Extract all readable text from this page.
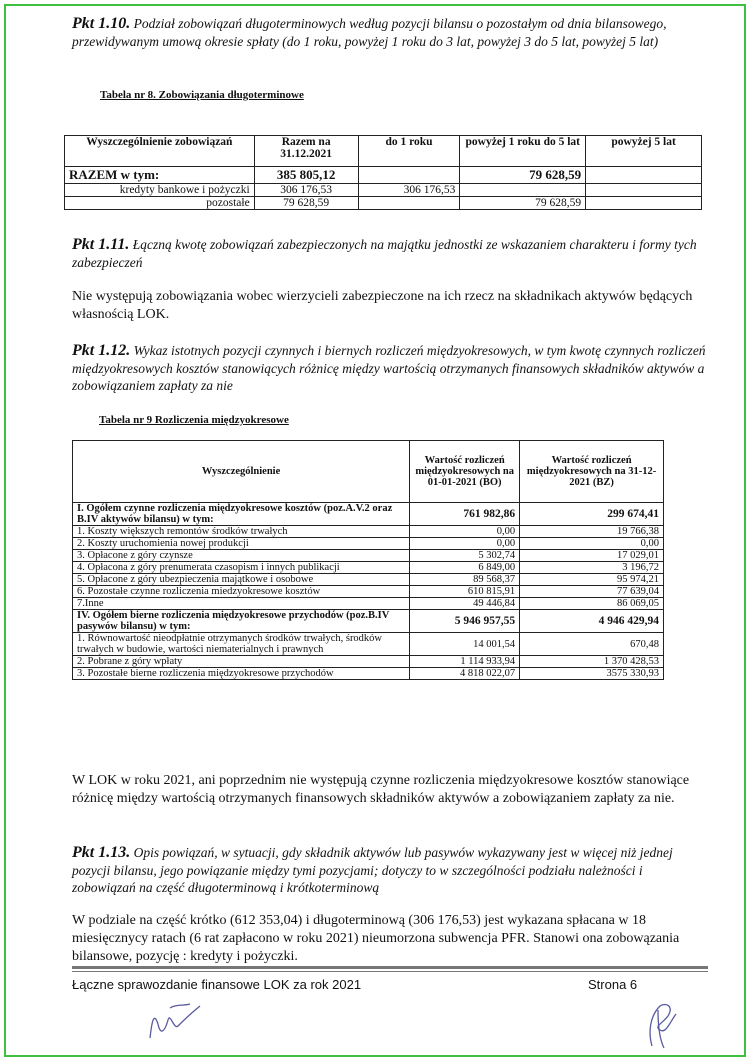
Pkt 1.10. Podział zobowiązań długoterminowych według pozycji bilansu o pozostałym od dnia bilansowego, przewidywanym umową okresie spłaty (do 1 roku, powyżej 1 roku do 3 lat, powyżej 3 do 5 lat, powyżej 5 lat)
Tabela nr 8. Zobowiązania długoterminowe
Wyszczególnienie zobowiązań	Razem na 31.12.2021	do 1 roku	powyżej 1 roku do 5 lat	powyżej 5 lat
RAZEM w tym:	385 805,12		79 628,59	
kredyty bankowe i pożyczki	306 176,53	306 176,53		
pozostałe	79 628,59		79 628,59	
Pkt 1.11. Łączną kwotę zobowiązań zabezpieczonych na majątku jednostki ze wskazaniem charakteru i formy tych zabezpieczeń
Nie występują zobowiązania wobec wierzycieli zabezpieczone na ich rzecz na składnikach aktywów będących własnością LOK.
Pkt 1.12. Wykaz istotnych pozycji czynnych i biernych rozliczeń międzyokresowych, w tym kwotę czynnych rozliczeń międzyokresowych kosztów stanowiących różnicę między wartością otrzymanych finansowych składników aktywów a zobowiązaniem zapłaty za nie
Tabela nr 9 Rozliczenia międzyokresowe
Wyszczególnienie	Wartość rozliczeń międzyokresowych na 01-01-2021 (BO)	Wartość rozliczeń międzyokresowych na 31-12-2021 (BZ)
I. Ogółem czynne rozliczenia międzyokresowe kosztów (poz.A.V.2 oraz B.IV aktywów bilansu) w tym:	761 982,86	299 674,41
1. Koszty większych remontów środków trwałych	0,00	19 766,38
2. Koszty uruchomienia nowej produkcji	0,00	0,00
3. Opłacone z góry czynsze	5 302,74	17 029,01
4. Opłacona z góry prenumerata czasopism i innych publikacji	6 849,00	3 196,72
5. Opłacone z góry ubezpieczenia majątkowe i osobowe	89 568,37	95 974,21
6. Pozostałe czynne rozliczenia miedzyokresowe kosztów	610 815,91	77 639,04
7.Inne	49 446,84	86 069,05
IV. Ogółem bierne rozliczenia międzyokresowe przychodów (poz.B.IV pasywów bilansu) w tym:	5 946 957,55	4 946 429,94
1. Równowartość nieodpłatnie otrzymanych środków trwałych, środków trwałych w budowie, wartości niematerialnych i prawnych	14 001,54	670,48
2. Pobrane z góry wpłaty	1 114 933,94	1 370 428,53
3. Pozostałe bierne rozliczenia międzyokresowe przychodów	4 818 022,07	3575 330,93
W LOK w roku 2021, ani poprzednim nie występują czynne rozliczenia międzyokresowe kosztów stanowiące różnicę między wartością otrzymanych finansowych składników aktywów a zobowiązaniem zapłaty za nie.
Pkt 1.13. Opis powiązań, w sytuacji, gdy składnik aktywów lub pasywów wykazywany jest w więcej niż jednej pozycji bilansu, jego powiązanie między tymi pozycjami; dotyczy to w szczególności podziału należności i zobowiązań na część długoterminową i krótkoterminową
W podziale na część krótko (612 353,04) i długoterminową (306 176,53) jest wykazana spłacana w 18 miesięcznycy ratach (6 rat zapłacono w roku 2021) nieumorzona subwencja PFR. Stanowi ona zobowązania bilansowe, pozycję : kredyty i pożyczki.
Łączne sprawozdanie finansowe LOK za rok 2021	Strona 6
